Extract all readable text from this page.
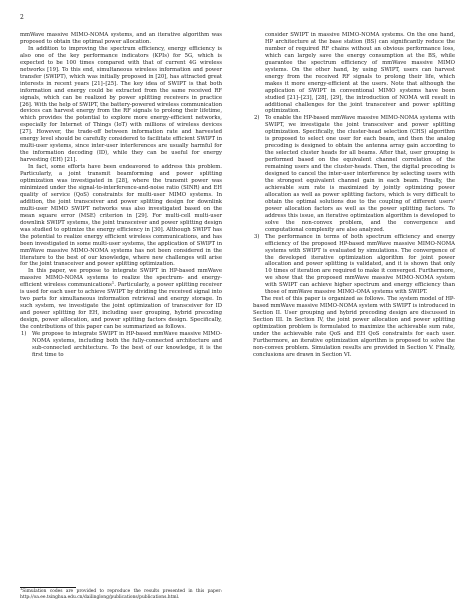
2

mmWave massive MIMO-NOMA systems, and an iterative algorithm was proposed to obtain the optimal power allocation.

In addition to improving the spectrum efficiency, energy efficiency is also one of the key performance indicators (KPIs) for 5G, which is expected to be 100 times compared with that of current 4G wireless networks [19]. To this end, simultaneous wireless information and power transfer (SWIPT), which was initially proposed in [20], has attracted great interests in recent years [21]–[25]. The key idea of SWIPT is that both information and energy could be extracted from the same received RF signals, which can be realized by power splitting receivers in practice [26]. With the help of SWIPT, the battery-powered wireless communication devices can harvest energy from the RF signals to prolong their lifetime, which provides the potential to explore more energy-efficient networks, especially for Internet of Things (IoT) with millions of wireless devices [27]. However, the trade-off between information rate and harvested energy level should be carefully considered to facilitate efficient SWIPT in multi-user systems, since inter-user interferences are usually harmful for the information decoding (ID), while they can be useful for energy harvesting (EH) [21].

In fact, some efforts have been endeavored to address this problem. Particularly, a joint transmit beamforming and power splitting optimization was investigated in [28], where the transmit power was minimized under the signal-to-interference-and-noise ratio (SINR) and EH quality of service (QoS) constraints for multi-user MIMO systems. In addition, the joint transceiver and power splitting design for downlink multi-user MIMO SWIPT networks was also investigated based on the mean square error (MSE) criterion in [29]. For multi-cell multi-user downlink SWIPT systems, the joint transceiver and power splitting design was studied to optimize the energy efficiency in [30]. Although SWIPT has the potential to realize energy efficient wireless communications, and has been investigated in some multi-user systems, the application of SWIPT in mmWave massive MIMO-NOMA systems has not been considered in the literature to the best of our knowledge, where new challenges will arise for the joint transceiver and power splitting optimization.

In this paper, we propose to integrate SWIPT in HP-based mmWave massive MIMO-NOMA systems to realize the spectrum- and energy-efficient wireless communications$^1$. Particularly, a power splitting receiver is used for each user to achieve SWIPT by dividing the received signal into two parts for simultaneous information retrieval and energy storage. In such system, we investigate the joint optimization of transceiver for ID and power splitting for EH, including user grouping, hybrid precoding design, power allocation, and power splitting factors design. Specifically, the contributions of this paper can be summarized as follows.

1) We propose to integrate SWIPT in HP-based mmWave massive MIMO-NOMA systems, including both the fully-connected architecture and sub-connected architecture. To the best of our knowledge, it is the first time to

consider SWIPT in massive MIMO-NOMA systems. On the one hand, HP architecture at the base station (BS) can significantly reduce the number of required RF chains without an obvious performance loss, which can largely save the energy consumption at the BS, while guarantee the spectrum efficiency of mmWave massive MIMO systems. On the other hand, by using SWIPT, users can harvest energy from the received RF signals to prolong their life, which makes it more energy-efficient at the users. Note that although the application of SWIPT in conventional MIMO systems have been studied [21]–[23], [28], [29], the introduction of NOMA will result in additional challenges for the joint transceiver and power splitting optimization.

2) To enable the HP-based mmWave massive MIMO-NOMA systems with SWIPT, we investigate the joint transceiver and power splitting optimization. Specifically, the cluster-head selection (CHS) algorithm is proposed to select one user for each beam, and then the analog precoding is designed to obtain the antenna array gain according to the selected cluster heads for all beams. After that, user grouping is performed based on the equivalent channel correlation of the remaining users and the cluster-heads. Then, the digital precoding is designed to cancel the inter-user interference by selecting users with the strongest equivalent channel gain in each beam. Finally, the achievable sum rate is maximized by jointly optimizing power allocation as well as power splitting factors, which is very difficult to obtain the optimal solutions due to the coupling of different users' power allocation factors as well as the power splitting factors. To address this issue, an iterative optimization algorithm is developed to solve the non-convex problem, and the convergence and computational complexity are also analyzed.

3) The performance in terms of both spectrum efficiency and energy efficiency of the proposed HP-based mmWave massive MIMO-NOMA systems with SWIPT is evaluated by simulations. The convergence of the developed iterative optimization algorithm for joint power allocation and power splitting is validated, and it is shown that only 10 times of iteration are required to make it converged. Furthermore, we show that the proposed mmWave massive MIMO-NOMA system with SWIPT can achieve higher spectrum and energy efficiency than those of mmWave massive MIMO-OMA systems with SWIPT.

The rest of this paper is organized as follows. The system model of HP-based mmWave massive MIMO-NOMA system with SWIPT is introduced in Section II. User grouping and hybrid precoding design are discussed in Section III. In Section IV, the joint power allocation and power splitting optimization problem is formulated to maximize the achievable sum rate, under the achievable rate QoS and EH QoS constraints for each user. Furthermore, an iterative optimization algorithm is proposed to solve the non-convex problem. Simulation results are provided in Section V. Finally, conclusions are drawn in Section VI.

$^1$Simulation codes are provided to reproduce the results presented in this paper: http://oa.ee.tsinghua.edu.cn/dailinglong/publications/publications.html.
